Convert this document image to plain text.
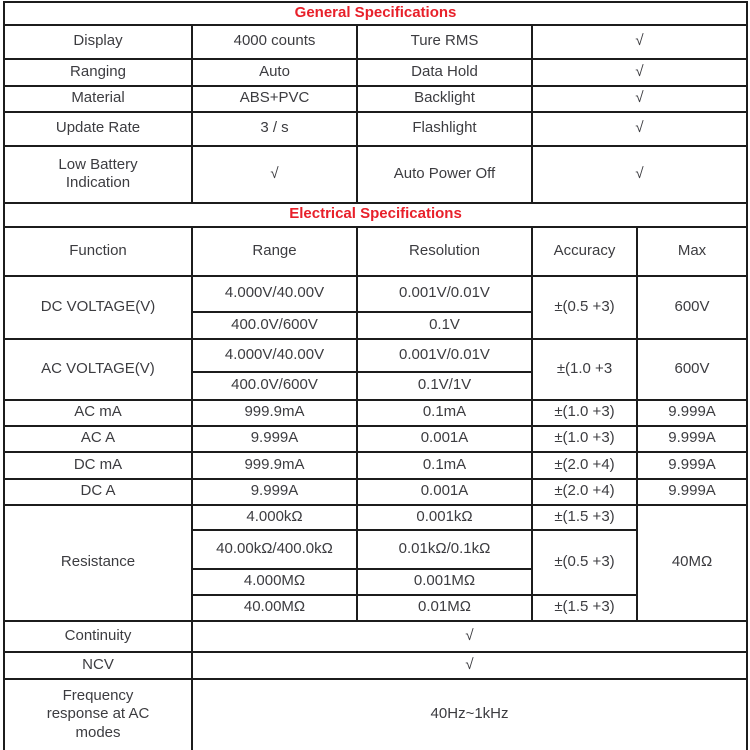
General Specifications				
Display	4000 counts	Ture RMS	√	
Ranging	Auto	Data Hold	√	
Material	ABS+PVC	Backlight	√	
Update Rate	3 / s	Flashlight	√	

Low Battery
Indication	√	Auto Power Off	√	
Electrical Specifications				
Function	Range	Resolution	Accuracy	Max
DC VOLTAGE(V)	4.000V/40.00V	0.001V/0.01V	±(0.5 +3)	600V
	400.0V/600V	0.1V		
AC VOLTAGE(V)	4.000V/40.00V	0.001V/0.01V	±(1.0 +3	600V
	400.0V/600V	0.1V/1V		
AC mA	999.9mA	0.1mA	±(1.0 +3)	9.999A
AC A	9.999A	0.001A	±(1.0 +3)	9.999A
DC mA	999.9mA	0.1mA	±(2.0 +4)	9.999A
DC A	9.999A	0.001A	±(2.0 +4)	9.999A
Resistance	4.000kΩ	0.001kΩ	±(1.5 +3)	40MΩ
	40.00kΩ/400.0kΩ	0.01kΩ/0.1kΩ	±(0.5 +3)	
	4.000MΩ	0.001MΩ		
	40.00MΩ	0.01MΩ	±(1.5 +3)	
Continuity	√			
NCV	√			

Frequency
response at AC
modes	40Hz~1kHz			
